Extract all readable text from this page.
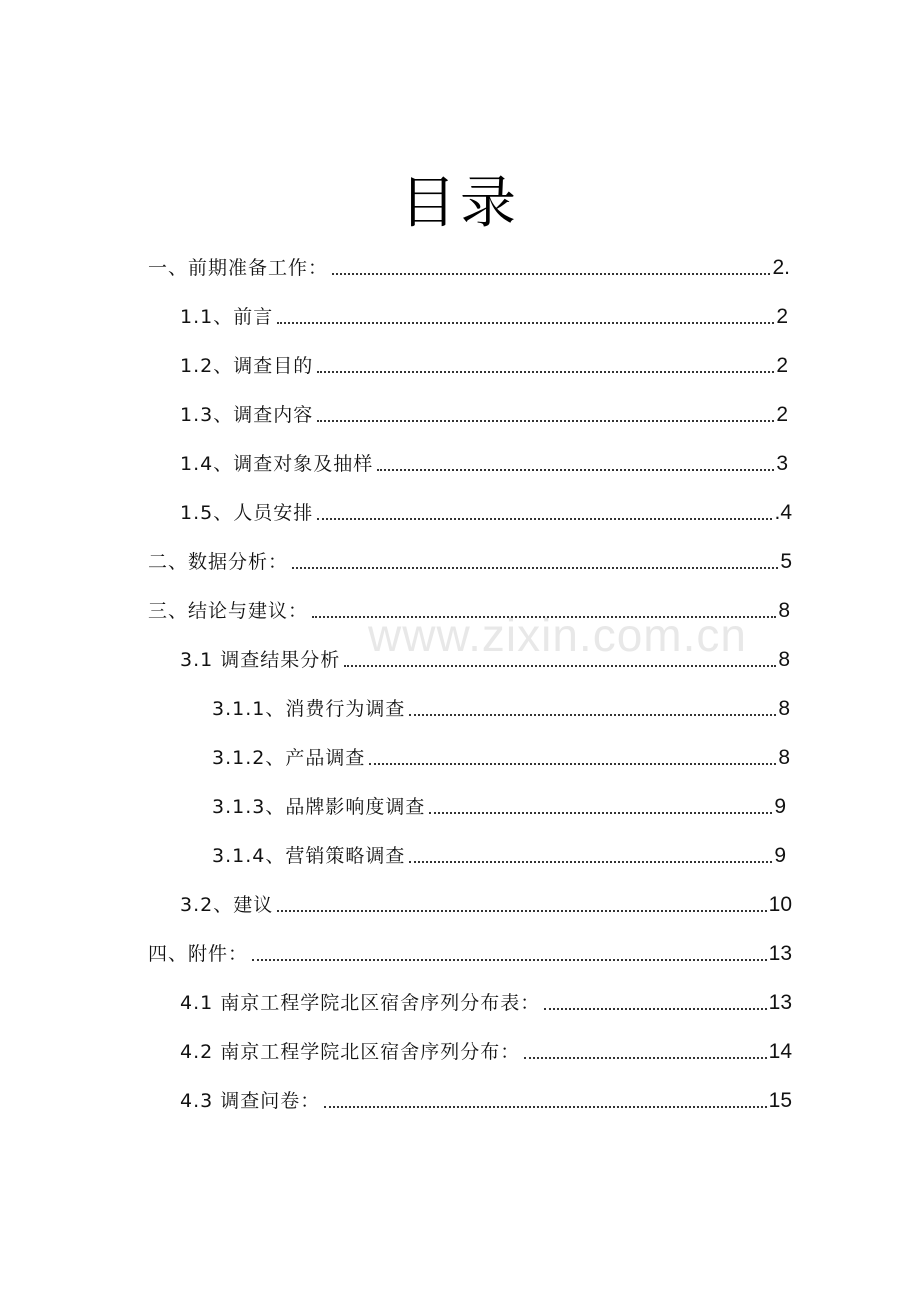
目录
www.zixin.com.cn
一、前期准备工作：	2.
1.1、前言	2
1.2、调查目的	2
1.3、调查内容	2
1.4、调查对象及抽样	3
1.5、人员安排	.4
二、数据分析：	5
三、结论与建议：	8
3.1 调查结果分析	8
3.1.1、消费行为调查	8
3.1.2、产品调查	8
3.1.3、品牌影响度调查	9
3.1.4、营销策略调查	9
3.2、建议	10
四、附件：	13
4.1 南京工程学院北区宿舍序列分布表：	13
4.2 南京工程学院北区宿舍序列分布：	14
4.3 调查问卷：	15
